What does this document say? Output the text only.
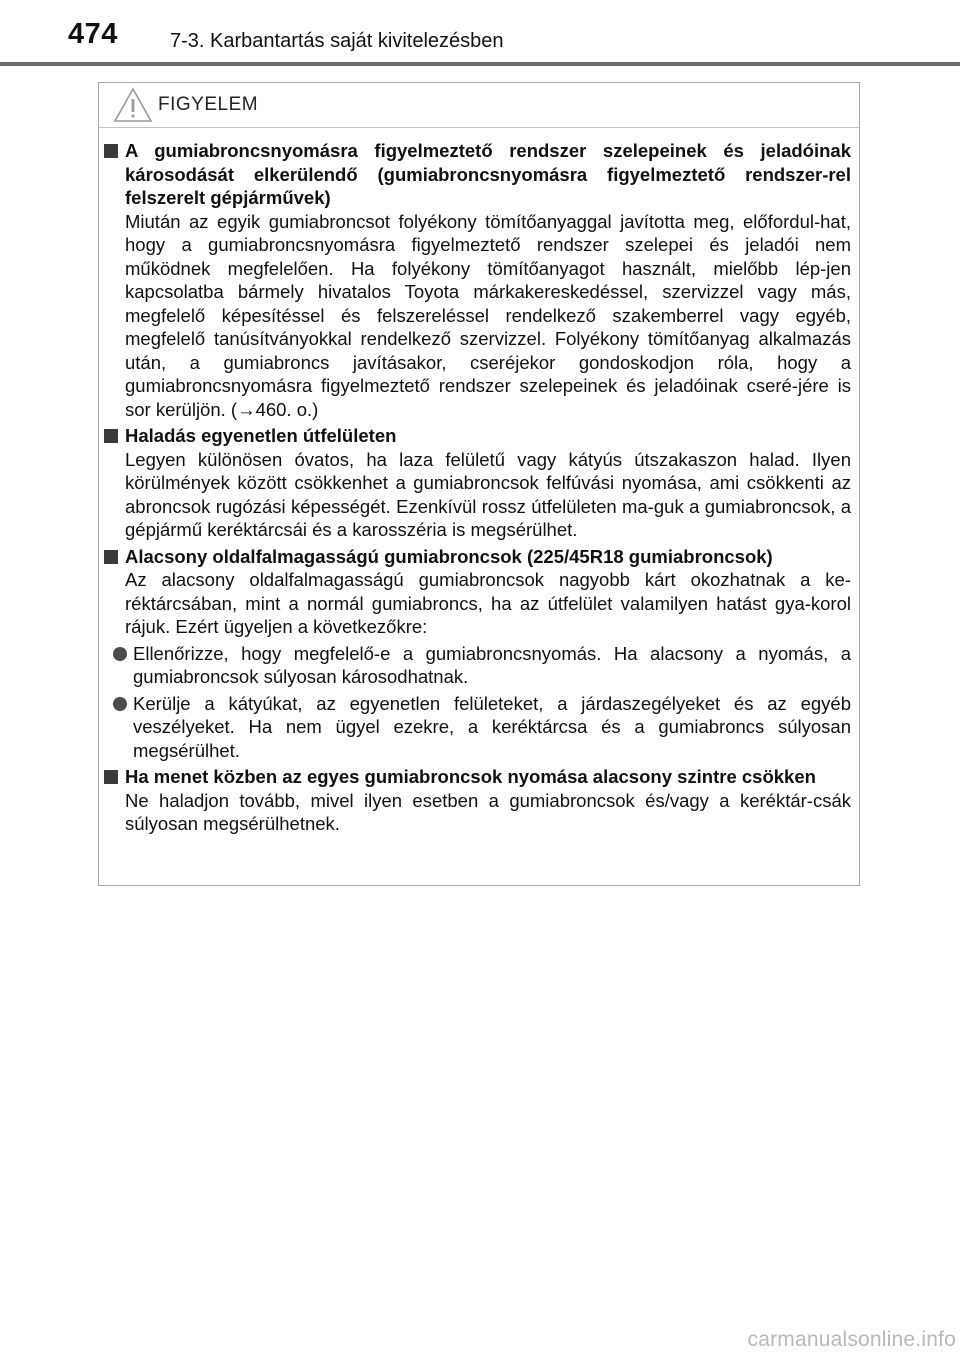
474	7-3. Karbantartás saját kivitelezésben
FIGYELEM
A gumiabroncsnyomásra figyelmeztető rendszer szelepeinek és jeladóinak károsodását elkerülendő (gumiabroncsnyomásra figyelmeztető rendszer-rel felszerelt gépjárművek)
Miután az egyik gumiabroncsot folyékony tömítőanyaggal javította meg, előfordul-hat, hogy a gumiabroncsnyomásra figyelmeztető rendszer szelepei és jeladói nem működnek megfelelően. Ha folyékony tömítőanyagot használt, mielőbb lép-jen kapcsolatba bármely hivatalos Toyota márkakereskedéssel, szervizzel vagy más, megfelelő képesítéssel és felszereléssel rendelkező szakemberrel vagy egyéb, megfelelő tanúsítványokkal rendelkező szervizzel. Folyékony tömítőanyag alkalmazás után, a gumiabroncs javításakor, cseréjekor gondoskodjon róla, hogy a gumiabroncsnyomásra figyelmeztető rendszer szelepeinek és jeladóinak cseré-jére is sor kerüljön. (→460. o.)
Haladás egyenetlen útfelületen
Legyen különösen óvatos, ha laza felületű vagy kátyús útszakaszon halad. Ilyen körülmények között csökkenhet a gumiabroncsok felfúvási nyomása, ami csökkenti az abroncsok rugózási képességét. Ezenkívül rossz útfelületen ma-guk a gumiabroncsok, a gépjármű keréktárcsái és a karosszéria is megsérülhet.
Alacsony oldalfalmagasságú gumiabroncsok (225/45R18 gumiabroncsok)
Az alacsony oldalfalmagasságú gumiabroncsok nagyobb kárt okozhatnak a ke-réktárcsában, mint a normál gumiabroncs, ha az útfelület valamilyen hatást gya-korol rájuk. Ezért ügyeljen a következőkre:
Ellenőrizze, hogy megfelelő-e a gumiabroncsnyomás. Ha alacsony a nyomás, a gumiabroncsok súlyosan károsodhatnak.
Kerülje a kátyúkat, az egyenetlen felületeket, a járdaszegélyeket és az egyéb veszélyeket. Ha nem ügyel ezekre, a keréktárcsa és a gumiabroncs súlyosan megsérülhet.
Ha menet közben az egyes gumiabroncsok nyomása alacsony szintre csökken
Ne haladjon tovább, mivel ilyen esetben a gumiabroncsok és/vagy a keréktár-csák súlyosan megsérülhetnek.
carmanualsonline.info
